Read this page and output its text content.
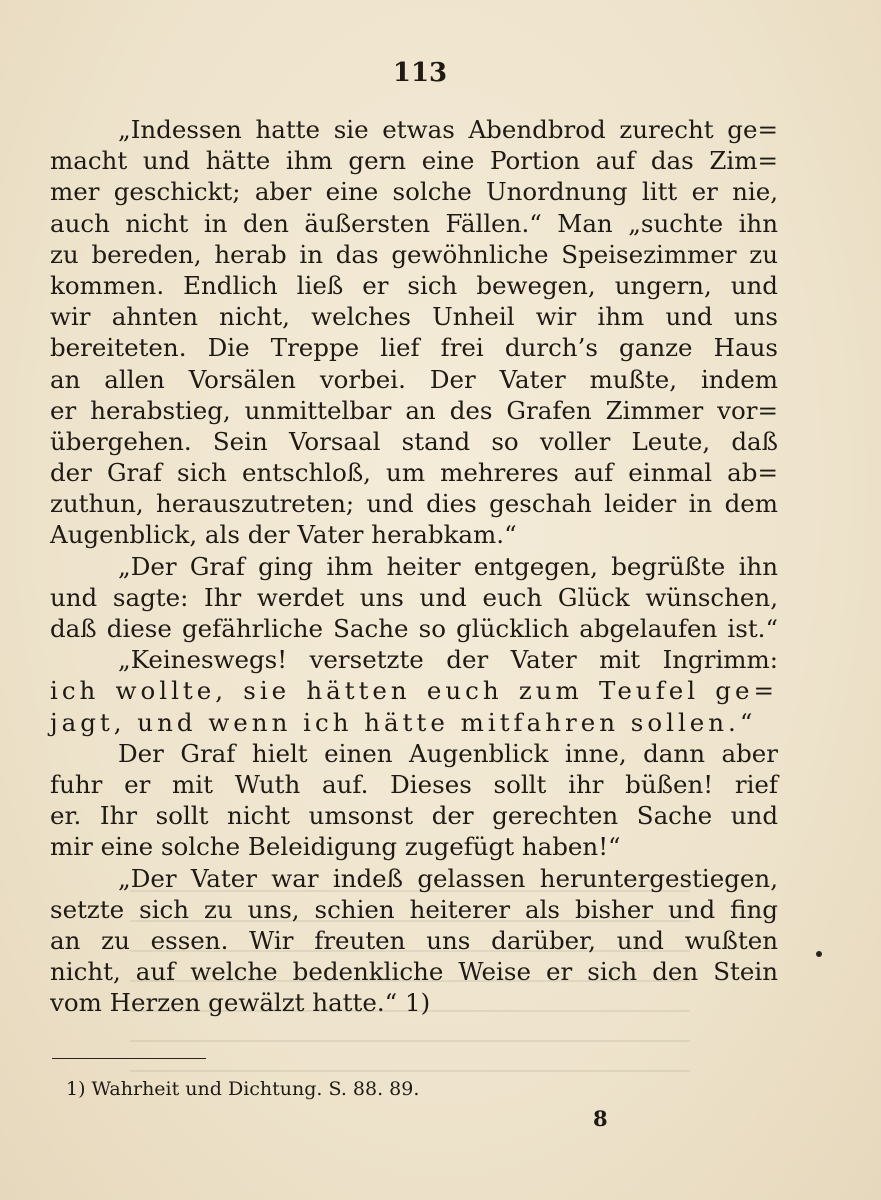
113
„Indessen hatte sie etwas Abendbrod zurecht ge=
macht und hätte ihm gern eine Portion auf das Zim=
mer geschickt; aber eine solche Unordnung litt er nie,
auch nicht in den äußersten Fällen.“ Man „suchte ihn
zu bereden, herab in das gewöhnliche Speisezimmer zu
kommen. Endlich ließ er sich bewegen, ungern, und
wir ahnten nicht, welches Unheil wir ihm und uns
bereiteten. Die Treppe lief frei durch’s ganze Haus
an allen Vorsälen vorbei. Der Vater mußte, indem
er herabstieg, unmittelbar an des Grafen Zimmer vor=
übergehen. Sein Vorsaal stand so voller Leute, daß
der Graf sich entschloß, um mehreres auf einmal ab=
zuthun, herauszutreten; und dies geschah leider in dem
Augenblick, als der Vater herabkam.“
„Der Graf ging ihm heiter entgegen, begrüßte ihn
und sagte: Ihr werdet uns und euch Glück wünschen,
daß diese gefährliche Sache so glücklich abgelaufen ist.“
„Keineswegs! versetzte der Vater mit Ingrimm:
ich wollte, sie hätten euch zum Teufel ge=
jagt, und wenn ich hätte mitfahren sollen.“
Der Graf hielt einen Augenblick inne, dann aber
fuhr er mit Wuth auf. Dieses sollt ihr büßen! rief
er. Ihr sollt nicht umsonst der gerechten Sache und
mir eine solche Beleidigung zugefügt haben!“
„Der Vater war indeß gelassen heruntergestiegen,
setzte sich zu uns, schien heiterer als bisher und fing
an zu essen. Wir freuten uns darüber, und wußten
nicht, auf welche bedenkliche Weise er sich den Stein
vom Herzen gewälzt hatte.“ 1)
1) Wahrheit und Dichtung. S. 88. 89.
8
